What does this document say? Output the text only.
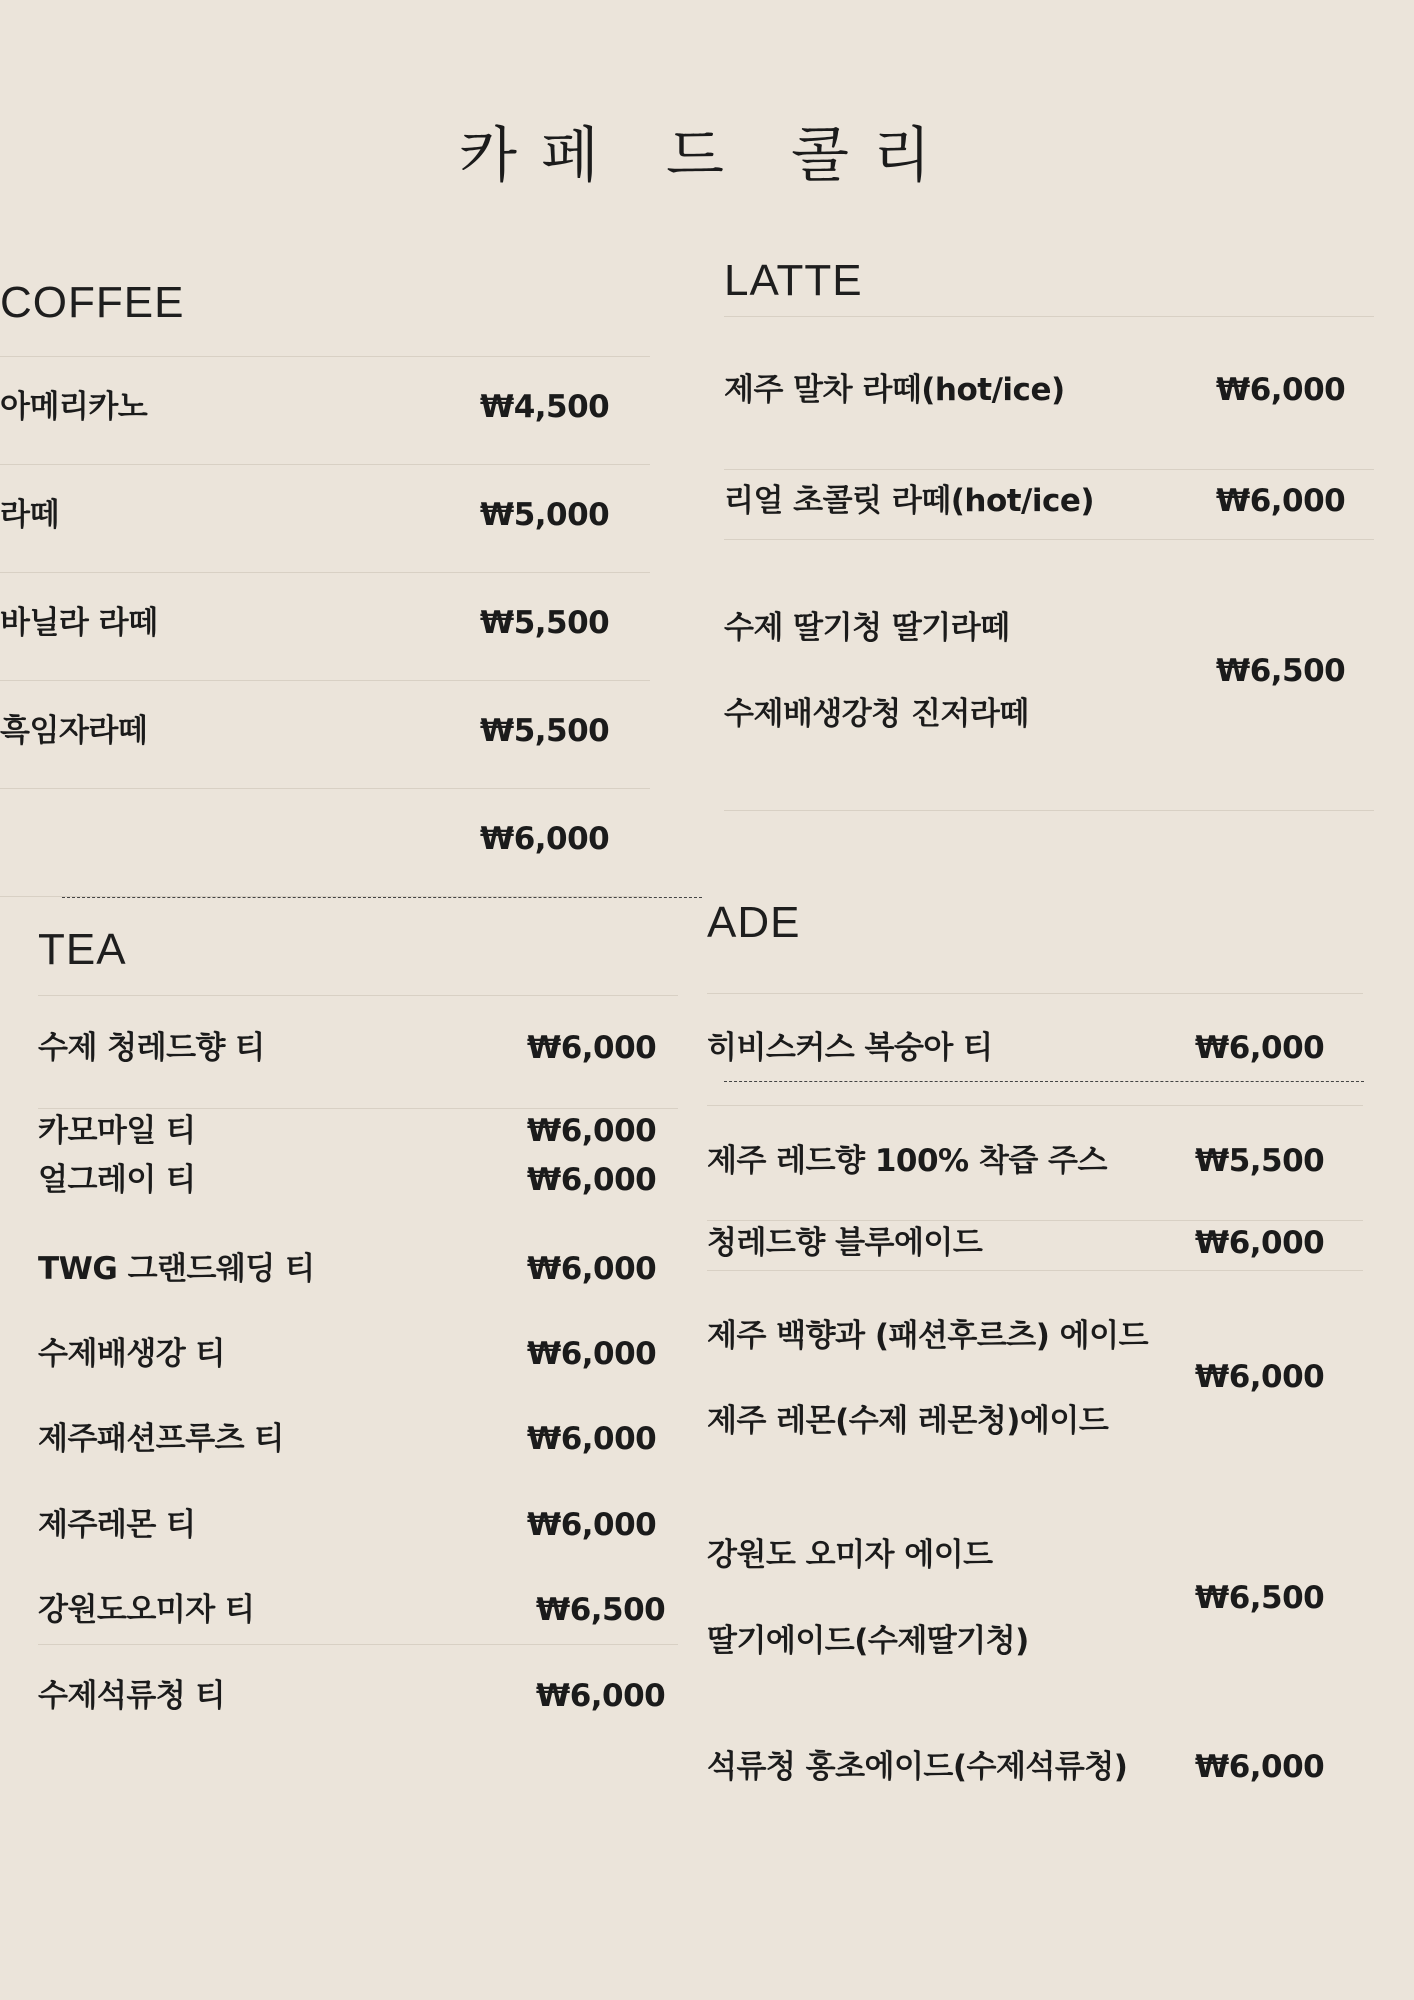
카페 드 콜리
COFFEE
아메리카노	₩4,500
라떼	₩5,000
바닐라 라떼	₩5,500
흑임자라떼	₩5,500
₩6,000
LATTE
제주 말차 라떼(hot/ice)	₩6,000
리얼 초콜릿 라떼(hot/ice)	₩6,000
수제 딸기청 딸기라떼
수제배생강청 진저라떼
₩6,500
TEA
수제 청레드향 티	₩6,000
카모마일 티	₩6,000
얼그레이 티	₩6,000
TWG 그랜드웨딩 티	₩6,000
수제배생강 티	₩6,000
제주패션프루츠 티	₩6,000
제주레몬 티	₩6,000
강원도오미자 티	₩6,500
수제석류청 티	₩6,000
ADE
히비스커스 복숭아 티	₩6,000
제주 레드향 100% 착즙 주스	₩5,500
청레드향 블루에이드	₩6,000
제주 백향과 (패션후르츠) 에이드
제주 레몬(수제 레몬청)에이드
₩6,000
강원도 오미자 에이드
딸기에이드(수제딸기청)
₩6,500
석류청 홍초에이드(수제석류청) ₩6,000
